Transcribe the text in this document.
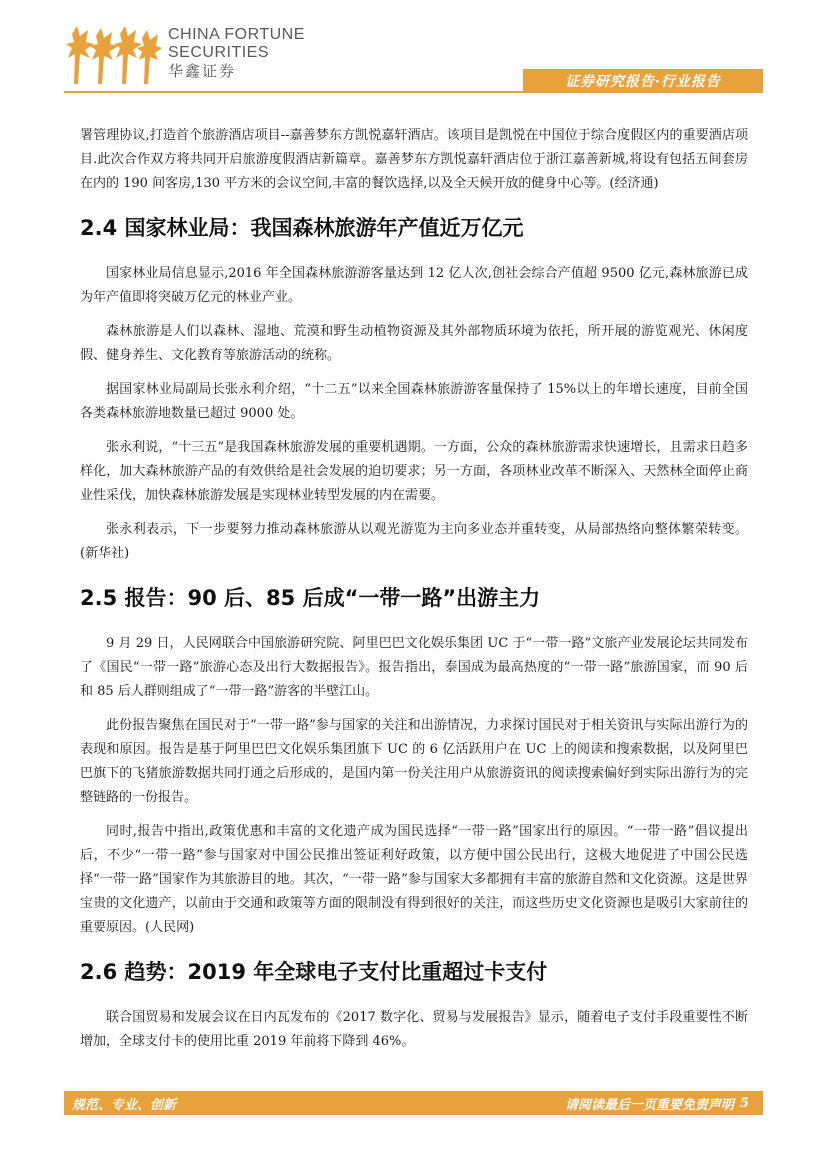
CHINA FORTUNE
SECURITIES
华鑫证券
证券研究报告·行业报告

署管理协议,打造首个旅游酒店项目--嘉善梦东方凯悦嘉轩酒店。该项目是凯悦在中国位于综合度假区内的重要酒店项目.此次合作双方将共同开启旅游度假酒店新篇章。嘉善梦东方凯悦嘉轩酒店位于浙江嘉善新城,将设有包括五间套房在内的 190 间客房,130 平方米的会议空间,丰富的餐饮选择,以及全天候开放的健身中心等。(经济通)

2.4 国家林业局：我国森林旅游年产值近万亿元

国家林业局信息显示,2016 年全国森林旅游游客量达到 12 亿人次,创社会综合产值超 9500 亿元,森林旅游已成为年产值即将突破万亿元的林业产业。

森林旅游是人们以森林、湿地、荒漠和野生动植物资源及其外部物质环境为依托，所开展的游览观光、休闲度假、健身养生、文化教育等旅游活动的统称。

据国家林业局副局长张永利介绍，“十二五”以来全国森林旅游游客量保持了 15%以上的年增长速度，目前全国各类森林旅游地数量已超过 9000 处。

张永利说，“十三五”是我国森林旅游发展的重要机遇期。一方面，公众的森林旅游需求快速增长，且需求日趋多样化，加大森林旅游产品的有效供给是社会发展的迫切要求；另一方面，各项林业改革不断深入、天然林全面停止商业性采伐，加快森林旅游发展是实现林业转型发展的内在需要。

张永利表示，下一步要努力推动森林旅游从以观光游览为主向多业态并重转变，从局部热络向整体繁荣转变。(新华社)

2.5 报告：90 后、85 后成“一带一路”出游主力

9 月 29 日，人民网联合中国旅游研究院、阿里巴巴文化娱乐集团 UC 于“一带一路”文旅产业发展论坛共同发布了《国民“一带一路”旅游心态及出行大数据报告》。报告指出，泰国成为最高热度的“一带一路”旅游国家，而 90 后和 85 后人群则组成了“一带一路”游客的半壁江山。

此份报告聚焦在国民对于“一带一路”参与国家的关注和出游情况，力求探讨国民对于相关资讯与实际出游行为的表现和原因。报告是基于阿里巴巴文化娱乐集团旗下 UC 的 6 亿活跃用户在 UC 上的阅读和搜索数据，以及阿里巴巴旗下的飞猪旅游数据共同打通之后形成的，是国内第一份关注用户从旅游资讯的阅读搜索偏好到实际出游行为的完整链路的一份报告。

同时,报告中指出,政策优惠和丰富的文化遗产成为国民选择“一带一路”国家出行的原因。“一带一路”倡议提出后，不少“一带一路”参与国家对中国公民推出签证利好政策，以方便中国公民出行，这极大地促进了中国公民选择“一带一路”国家作为其旅游目的地。其次，“一带一路”参与国家大多都拥有丰富的旅游自然和文化资源。这是世界宝贵的文化遗产，以前由于交通和政策等方面的限制没有得到很好的关注，而这些历史文化资源也是吸引大家前往的重要原因。(人民网)

2.6 趋势：2019 年全球电子支付比重超过卡支付

联合国贸易和发展会议在日内瓦发布的《2017 数字化、贸易与发展报告》显示，随着电子支付手段重要性不断增加，全球支付卡的使用比重 2019 年前将下降到 46%。

规范、专业、创新	请阅读最后一页重要免责声明 5
